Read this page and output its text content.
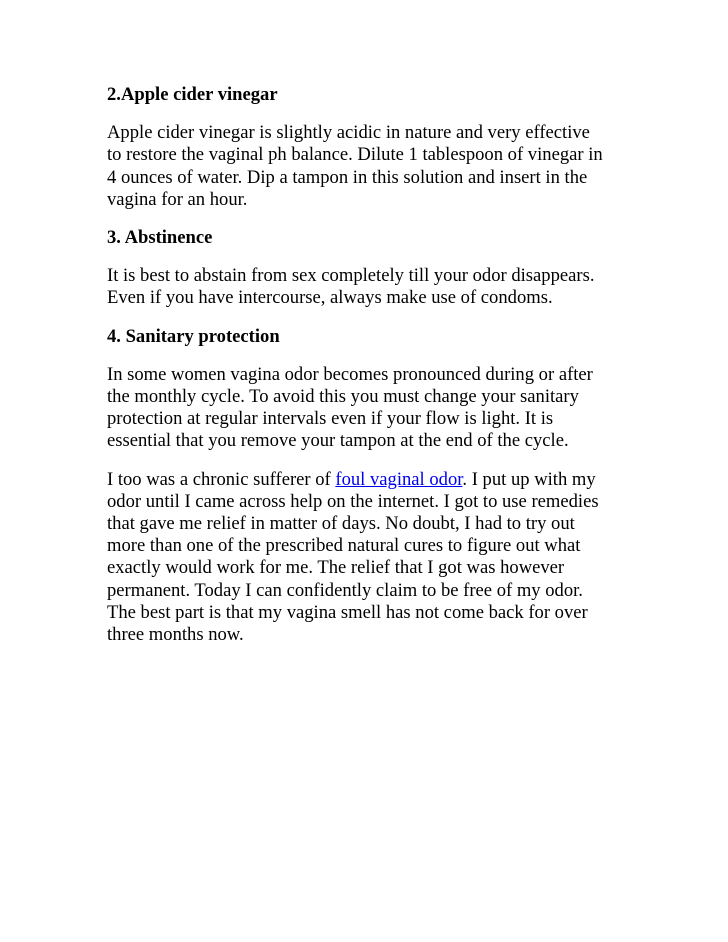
2.Apple cider vinegar
Apple cider vinegar is slightly acidic in nature and very effective
to restore the vaginal ph balance. Dilute 1 tablespoon of vinegar in
4 ounces of water. Dip a tampon in this solution and insert in the
vagina for an hour.
3. Abstinence
It is best to abstain from sex completely till your odor disappears.
Even if you have intercourse, always make use of condoms.
4. Sanitary protection
In some women vagina odor becomes pronounced during or after
the monthly cycle. To avoid this you must change your sanitary
protection at regular intervals even if your flow is light. It is
essential that you remove your tampon at the end of the cycle.
I too was a chronic sufferer of foul vaginal odor. I put up with my
odor until I came across help on the internet. I got to use remedies
that gave me relief in matter of days. No doubt, I had to try out
more than one of the prescribed natural cures to figure out what
exactly would work for me. The relief that I got was however
permanent. Today I can confidently claim to be free of my odor.
The best part is that my vagina smell has not come back for over
three months now.
